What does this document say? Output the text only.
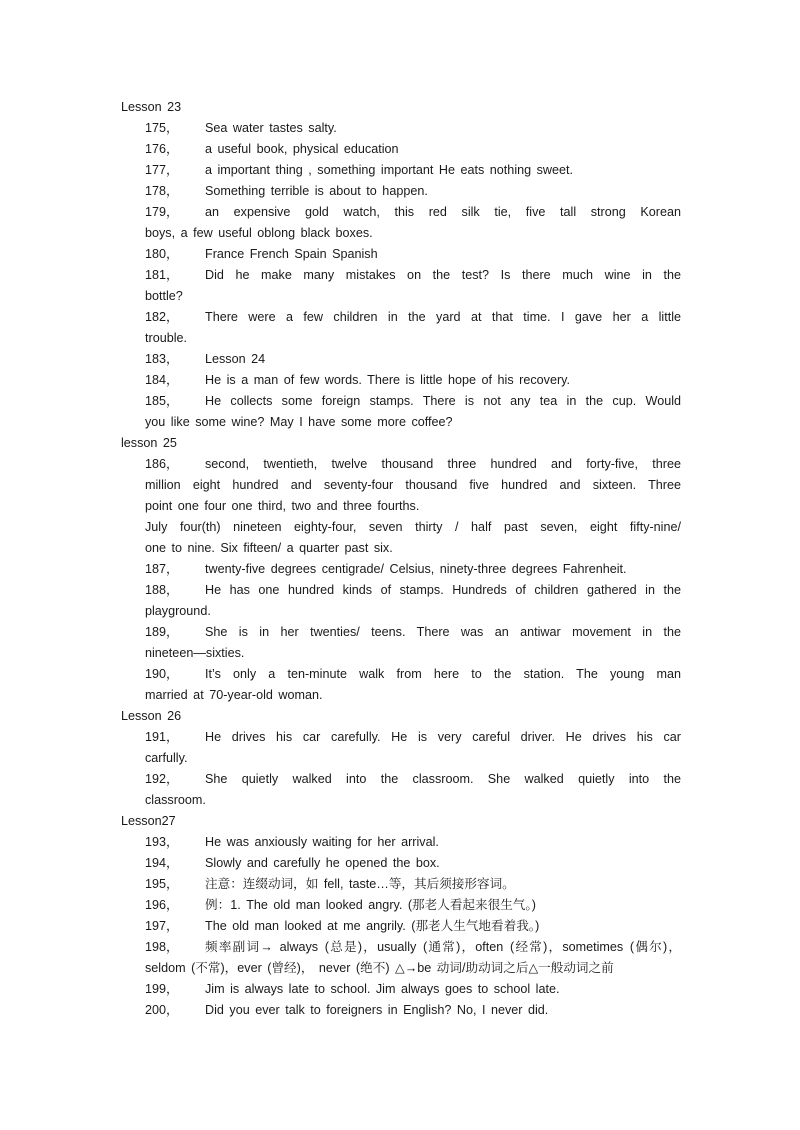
Lesson 23
175， Sea water tastes salty.
176， a useful book, physical education
177， a important thing , something important He eats nothing sweet.
178， Something terrible is about to happen.
179， an expensive gold watch, this red silk tie, five tall strong Korean
boys, a few useful oblong black boxes.
180， France French Spain Spanish
181， Did he make many mistakes on the test? Is there much wine in the
bottle?
182， There were a few children in the yard at that time. I gave her a little
trouble.
183， Lesson 24
184， He is a man of few words. There is little hope of his recovery.
185， He collects some foreign stamps. There is not any tea in the cup. Would
you like some wine? May I have some more coffee?
lesson 25
186， second, twentieth, twelve thousand three hundred and forty-five, three
million eight hundred and seventy-four thousand five hundred and sixteen. Three
point one four one third, two and three fourths.
July four(th) nineteen eighty-four, seven thirty / half past seven, eight fifty-nine/
one to nine. Six fifteen/ a quarter past six.
187， twenty-five degrees centigrade/ Celsius, ninety-three degrees Fahrenheit.
188， He has one hundred kinds of stamps. Hundreds of children gathered in the
playground.
189， She is in her twenties/ teens. There was an antiwar movement in the
nineteen—sixties.
190， It’s only a ten-minute walk from here to the station. The young man
married at 70-year-old woman.
Lesson 26
191， He drives his car carefully. He is very careful driver. He drives his car
carfully.
192， She quietly walked into the classroom. She walked quietly into the
classroom.
Lesson27
193， He was anxiously waiting for her arrival.
194， Slowly and carefully he opened the box.
195， 注意：连缀动词，如 fell, taste…等，其后须接形容词。
196， 例：1. The old man looked angry. (那老人看起来很生气。)
197， The old man looked at me angrily. (那老人生气地看着我。)
198， 频率副词→ always (总是)，usually (通常)，often (经常)，sometimes (偶尔)，
seldom (不常)，ever (曾经)， never (绝不) △→be 动词/助动词之后△一般动词之前
199， Jim is always late to school. Jim always goes to school late.
200， Did you ever talk to foreigners in English? No, I never did.
